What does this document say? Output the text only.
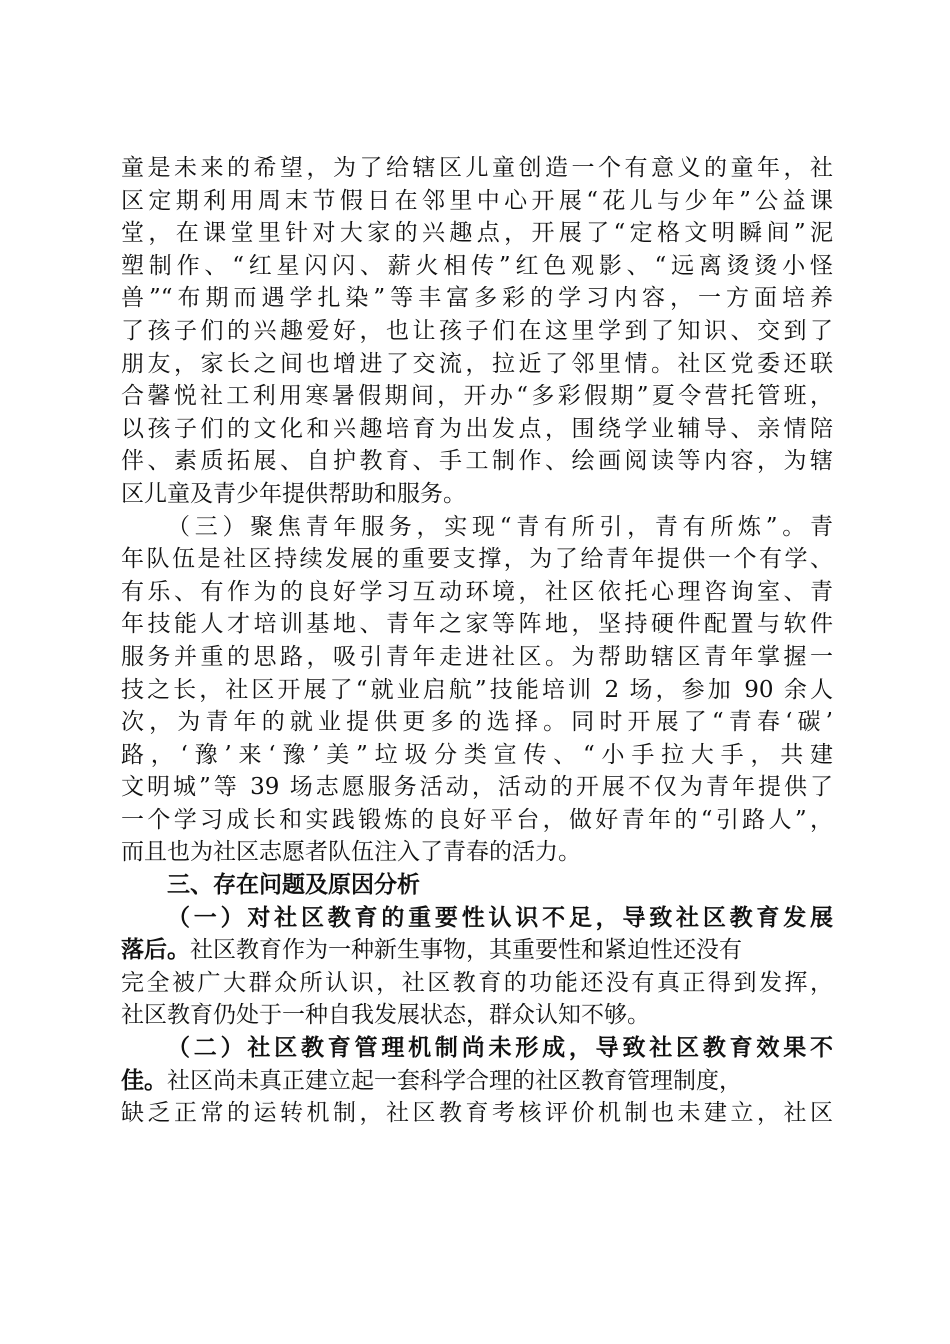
童是未来的希望，为了给辖区儿童创造一个有意义的童年，社
区定期利用周末节假日在邻里中心开展“花儿与少年”公益课
堂，在课堂里针对大家的兴趣点，开展了“定格文明瞬间”泥
塑制作、“红星闪闪、薪火相传”红色观影、“远离烫烫小怪
兽”“布期而遇学扎染”等丰富多彩的学习内容，一方面培养
了孩子们的兴趣爱好，也让孩子们在这里学到了知识、交到了
朋友，家长之间也增进了交流，拉近了邻里情。社区党委还联
合馨悦社工利用寒暑假期间，开办“多彩假期”夏令营托管班，
以孩子们的文化和兴趣培育为出发点，围绕学业辅导、亲情陪
伴、素质拓展、自护教育、手工制作、绘画阅读等内容，为辖
区儿童及青少年提供帮助和服务。
（三）聚焦青年服务，实现“青有所引，青有所炼”。青
年队伍是社区持续发展的重要支撑，为了给青年提供一个有学、
有乐、有作为的良好学习互动环境，社区依托心理咨询室、青
年技能人才培训基地、青年之家等阵地，坚持硬件配置与软件
服务并重的思路，吸引青年走进社区。为帮助辖区青年掌握一
技之长，社区开展了“就业启航”技能培训 2 场，参加 90 余人
次，为青年的就业提供更多的选择。同时开展了“青春‘碳’
路，‘豫’来‘豫’美”垃圾分类宣传、“小手拉大手，共建
文明城”等 39 场志愿服务活动，活动的开展不仅为青年提供了
一个学习成长和实践锻炼的良好平台，做好青年的“引路人”，
而且也为社区志愿者队伍注入了青春的活力。
三、存在问题及原因分析
（一）对社区教育的重要性认识不足，导致社区教育发展
落后。社区教育作为一种新生事物，其重要性和紧迫性还没有
完全被广大群众所认识，社区教育的功能还没有真正得到发挥，
社区教育仍处于一种自我发展状态，群众认知不够。
（二）社区教育管理机制尚未形成，导致社区教育效果不
佳。社区尚未真正建立起一套科学合理的社区教育管理制度，
缺乏正常的运转机制，社区教育考核评价机制也未建立，社区
